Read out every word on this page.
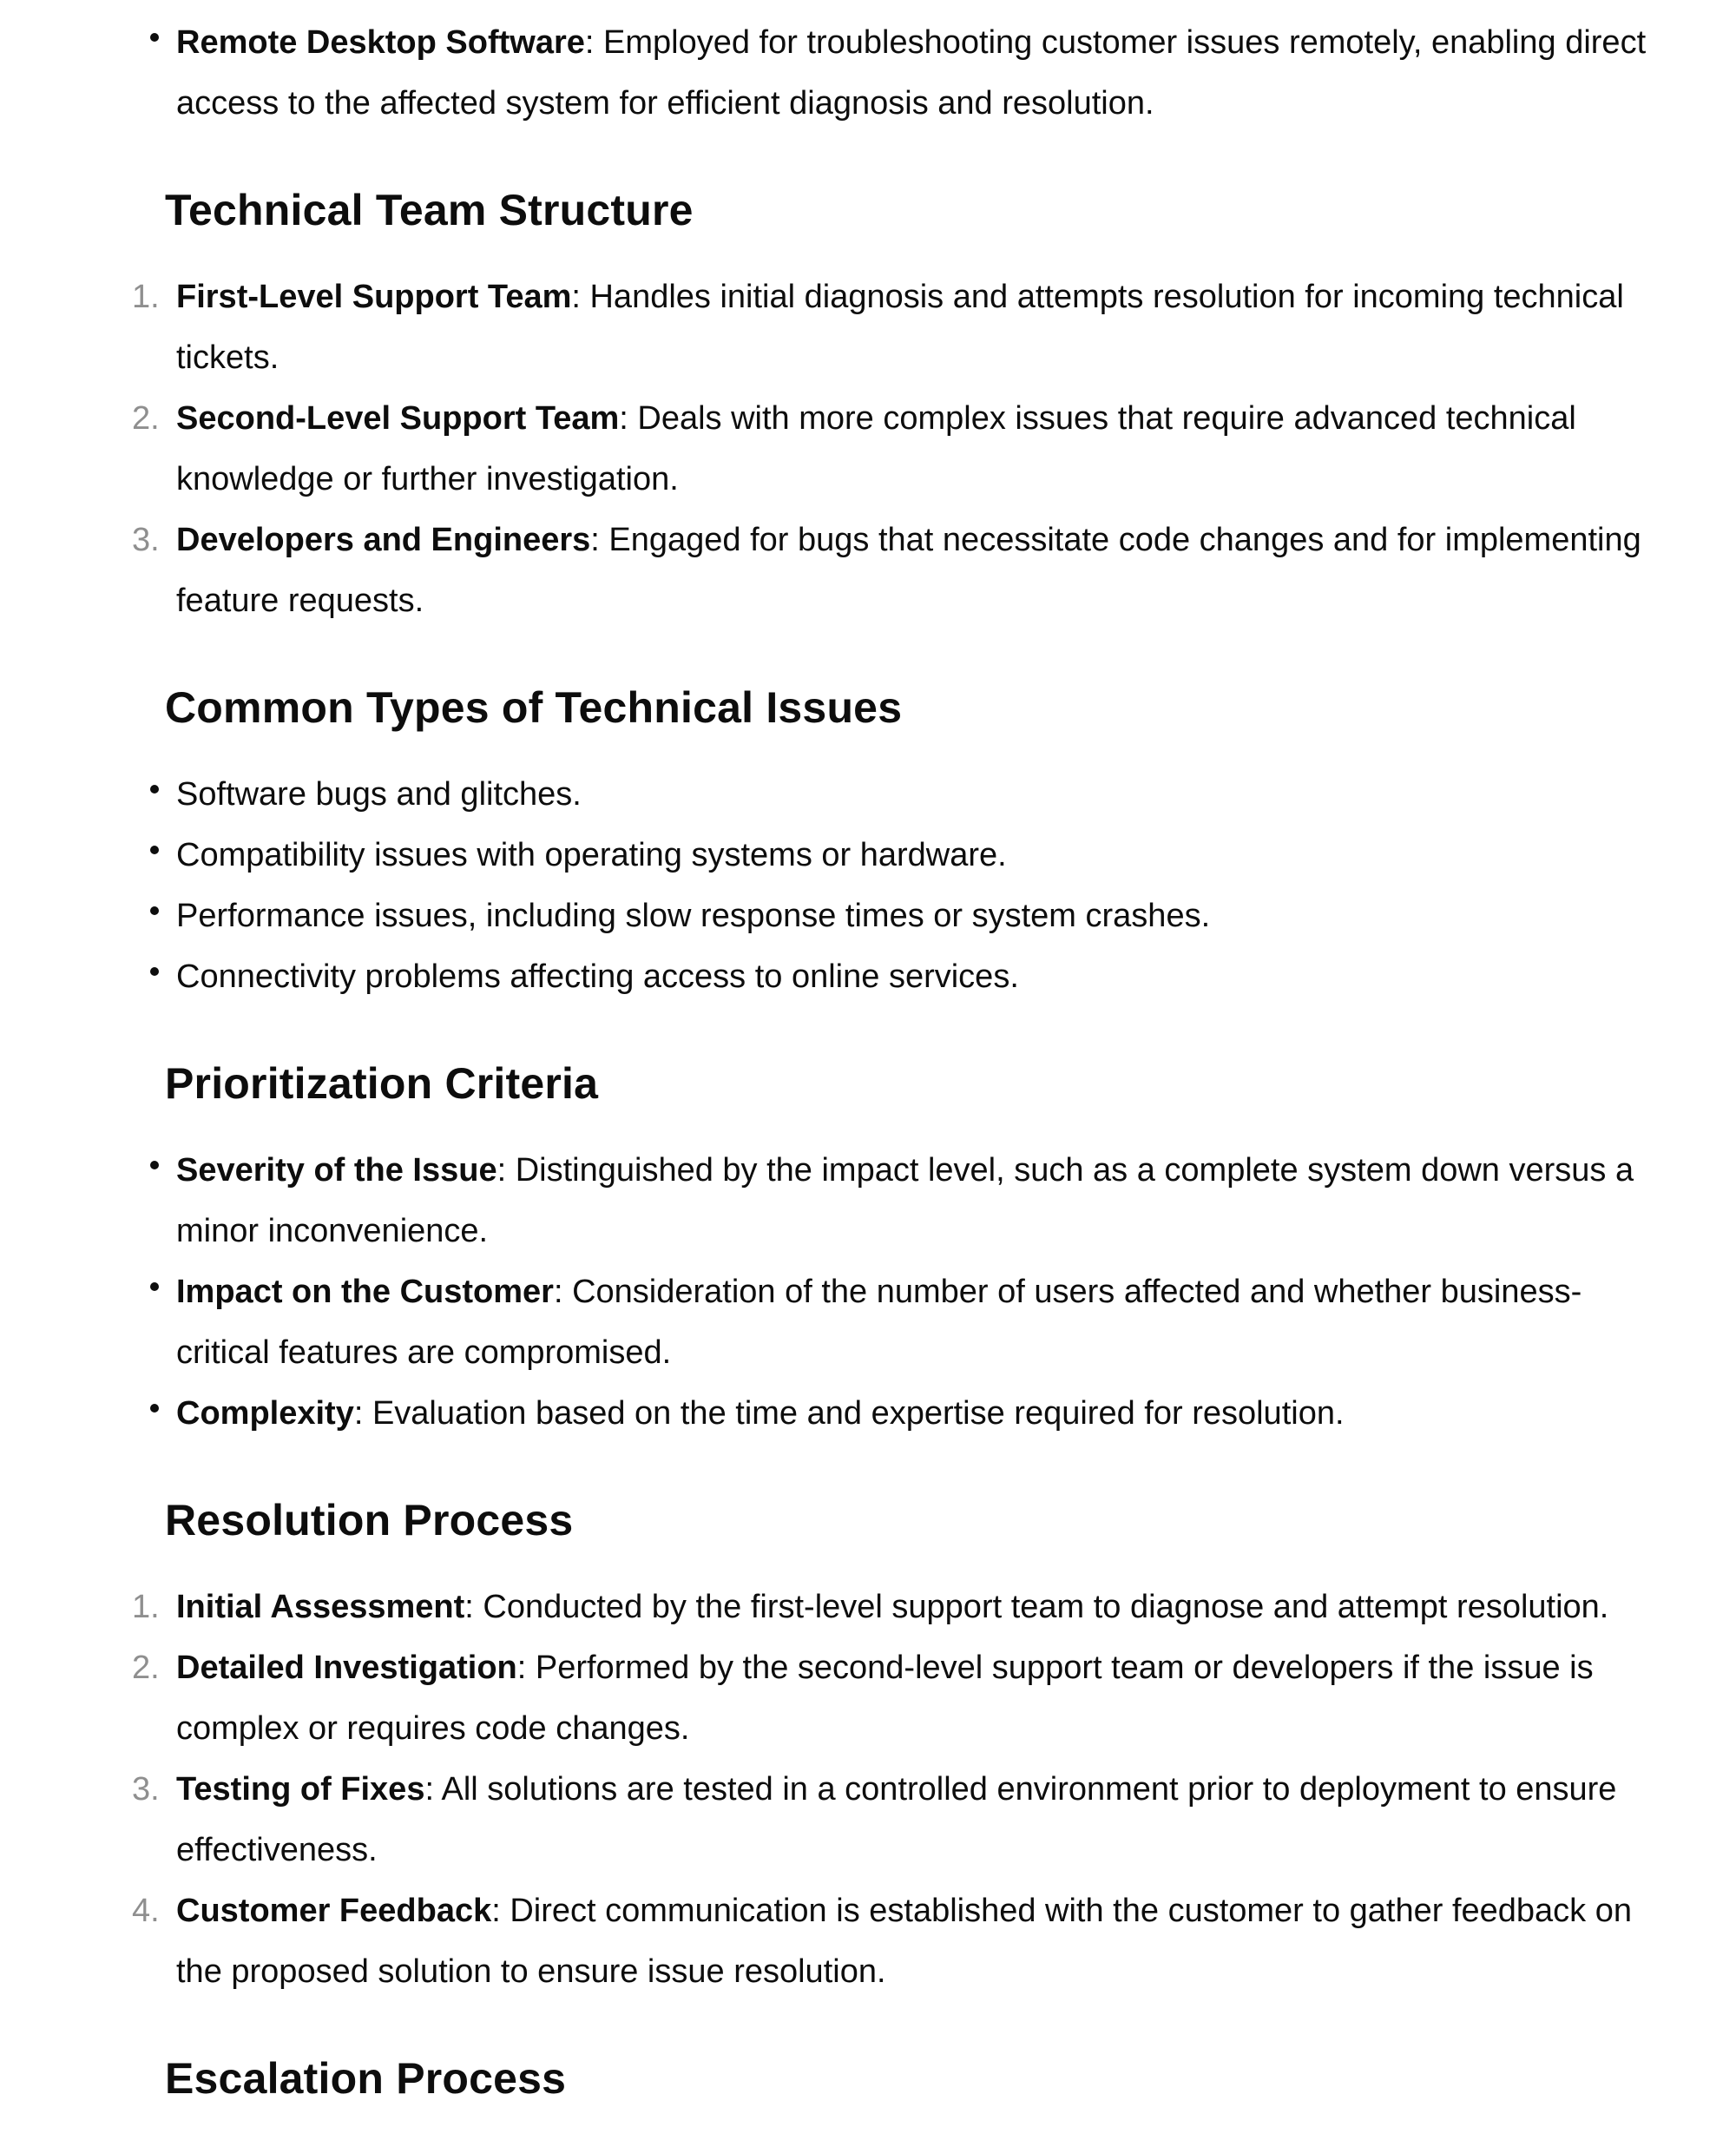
Remote Desktop Software: Employed for troubleshooting customer issues remotely, enabling direct access to the affected system for efficient diagnosis and resolution.

Technical Team Structure
1. First-Level Support Team: Handles initial diagnosis and attempts resolution for incoming technical tickets.

2. Second-Level Support Team: Deals with more complex issues that require advanced technical knowledge or further investigation.

3. Developers and Engineers: Engaged for bugs that necessitate code changes and for implementing feature requests.

Common Types of Technical Issues

Software bugs and glitches.

Compatibility issues with operating systems or hardware.

Performance issues, including slow response times or system crashes.

Connectivity problems affecting access to online services.

Prioritization Criteria

Severity of the Issue: Distinguished by the impact level, such as a complete system down versus a minor inconvenience.

Impact on the Customer: Consideration of the number of users affected and whether business-critical features are compromised.

Complexity: Evaluation based on the time and expertise required for resolution.

Resolution Process
1. Initial Assessment: Conducted by the first-level support team to diagnose and attempt resolution.

2. Detailed Investigation: Performed by the second-level support team or developers if the issue is complex or requires code changes.

3. Testing of Fixes: All solutions are tested in a controlled environment prior to deployment to ensure effectiveness.

4. Customer Feedback: Direct communication is established with the customer to gather feedback on the proposed solution to ensure issue resolution.

Escalation Process
